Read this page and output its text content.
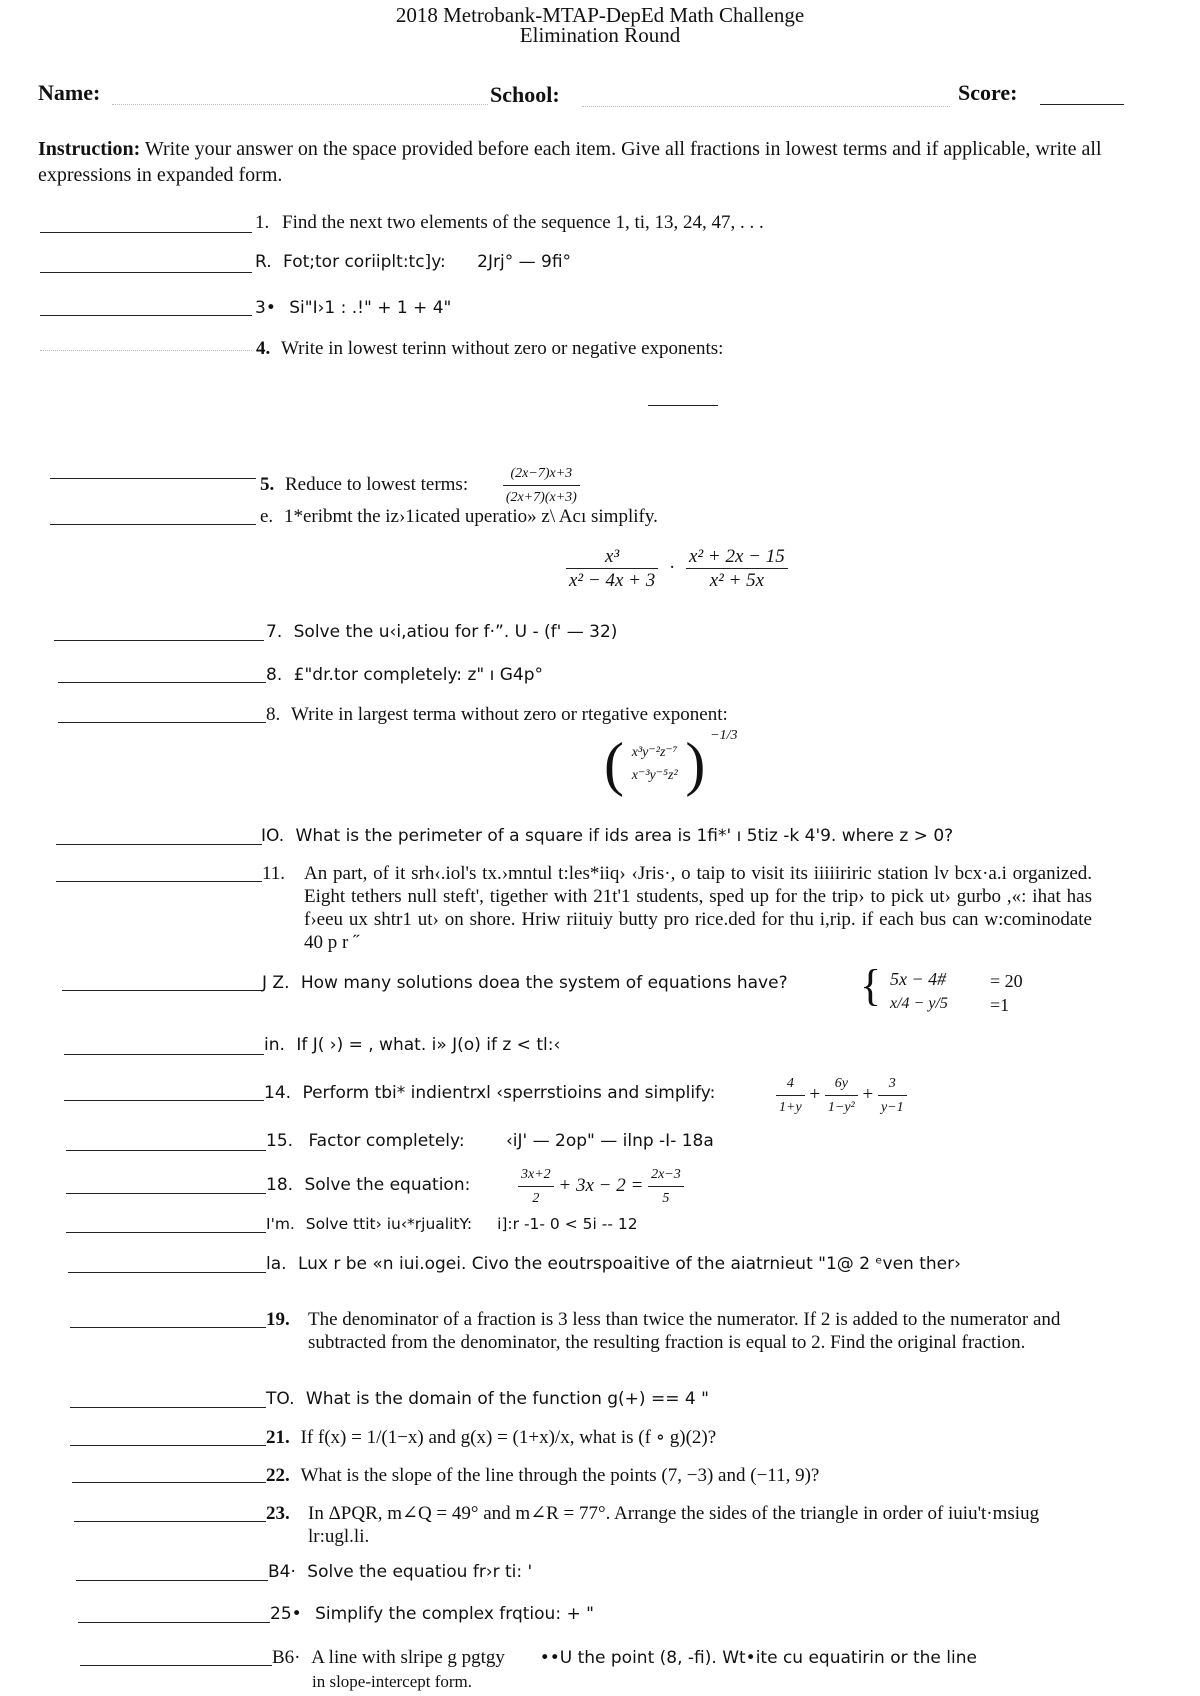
2018 Metrobank-MTAP-DepEd Math Challenge
Elimination Round
Name:	School:	Score:
Instruction: Write your answer on the space provided before each item. Give all fractions in lowest terms and if applicable, write all expressions in expanded form.
1. Find the next two elements of the sequence 1, ti, 13, 24, 47, . . .
R. Fot;tor coriiplt:tc]y: 2Jrj° — 9fi°
3• Si"I›1 : .!" + 1 + 4"
4. Write in lowest terinn without zero or negative exponents:
5. Reduce to lowest terms: $\frac{(2x-7)x+3}{(2x+7)(x+3)}$
e. 1*eribmt the iz›1icated uperatio» z\ Acı simplify.
$\frac{\text{x³}}{\text{x² − 4x + 3}} \cdot \frac{\text{x² + 2x − 15}}{\text{x² + 5x}}$
7. Solve the u‹i,atiou for f·”. U - (f' — 32)
8. £"dr.tor completely: z" ı G4p°
8. Write in largest terma without zero or rtegative exponent:
( x³y⁻²z⁻⁷
x⁻³y⁻⁵z² ) $^{-1/3}$
IO. What is the perimeter of a square if ids area is 1fi*' ı 5tiz -k 4'9. where z > 0?
11. An part, of it srh‹.iol's tx.›mntul t:les*iiq› ‹Jris·, o taip to visit its iiiiiriric station lv bcx·a.i organized. Eight tethers null steft', tigether with 21t'1 students, sped up for the trip› to pick ut› gurbo ,«: ihat has f›eeu ux shtr1 ut› on shore. Hriw riituiy butty pro rice.ded for thu i,rip. if each bus can w:cominodate 40 p r ˝
J Z. How many solutions doea the system of equations have? { 5x − 4# = 20
x/4 − y/5 =1
in. If J( ›) = , what. i» J(o) if z < tl:‹
14. Perform tbi* indientrxl ‹sperrstioins and simplify:	$\frac{4}{1+y} + \frac{6y}{\text{1−y²}} + \frac{3}{y-1}$
15. Factor completely: ‹iJ' — 2op" — ilnp -I- 18a
18. Solve the equation:	$\frac{3x+2}{2} + 3x - 2 = \frac{2x-3}{5}$
I'm. Solve ttit› iu‹*rjualitY: i]:r -1- 0 < 5i -- 12
la. Lux r be «n iui.ogei. Civo the eoutrspoaitive of the aiatrnieut "1@ 2 ᵉven ther›
19. The denominator of a fraction is 3 less than twice the numerator. If 2 is added to the numerator and subtracted from the denominator, the resulting fraction is equal to 2. Find the original fraction.
TO. What is the domain of the function g(+) == 4 "
21. If f(x) = 1/(1−x) and g(x) = (1+x)/x, what is (f ∘ g)(2)?
22. What is the slope of the line through the points (7, −3) and (−11, 9)?
23. In ΔPQR, m∠Q = 49° and m∠R = 77°. Arrange the sides of the triangle in order of iuiu't·msiug lr:ugl.li.
B4· Solve the equatiou fr›r ti: '
25• Simplify the complex frqtiou: + "
B6· A line with slripe g pgtgy ••U the point (8, -fi). Wt•ite cu equatirin or the line
in slope-intercept form.
